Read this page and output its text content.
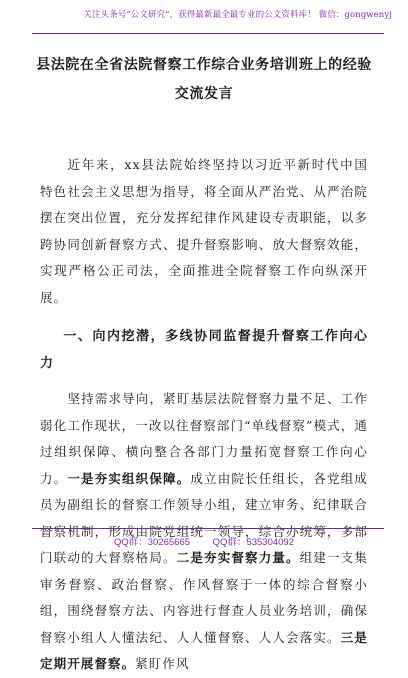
关注头条号“公文研究”，获得最新最全最专业的公文资料库！ 微信：gongwenyj
县法院在全省法院督察工作综合业务培训班上的经验交流发言

近年来，xx县法院始终坚持以习近平新时代中国特色社会主义思想为指导，将全面从严治党、从严治院摆在突出位置，充分发挥纪律作风建设专责职能，以多跨协同创新督察方式、提升督察影响、放大督察效能，实现严格公正司法，全面推进全院督察工作向纵深开展。

一、向内挖潜，多线协同监督提升督察工作向心力

坚持需求导向，紧盯基层法院督察力量不足、工作弱化工作现状，一改以往督察部门“单线督察”模式，通过组织保障、横向整合各部门力量拓宽督察工作向心力。一是夯实组织保障。成立由院长任组长，各党组成员为副组长的督察工作领导小组，建立审务、纪律联合督察机制，形成由院党组统一领导，综合办统筹，多部门联动的大督察格局。二是夯实督察力量。组建一支集审务督察、政治督察、作风督察于一体的综合督察小组，围绕督察方法、内容进行督查人员业务培训，确保督察小组人人懂法纪、人人懂督察、人人会落实。三是定期开展督察。紧盯作风

QQ群：30265665 QQ群：535304092
